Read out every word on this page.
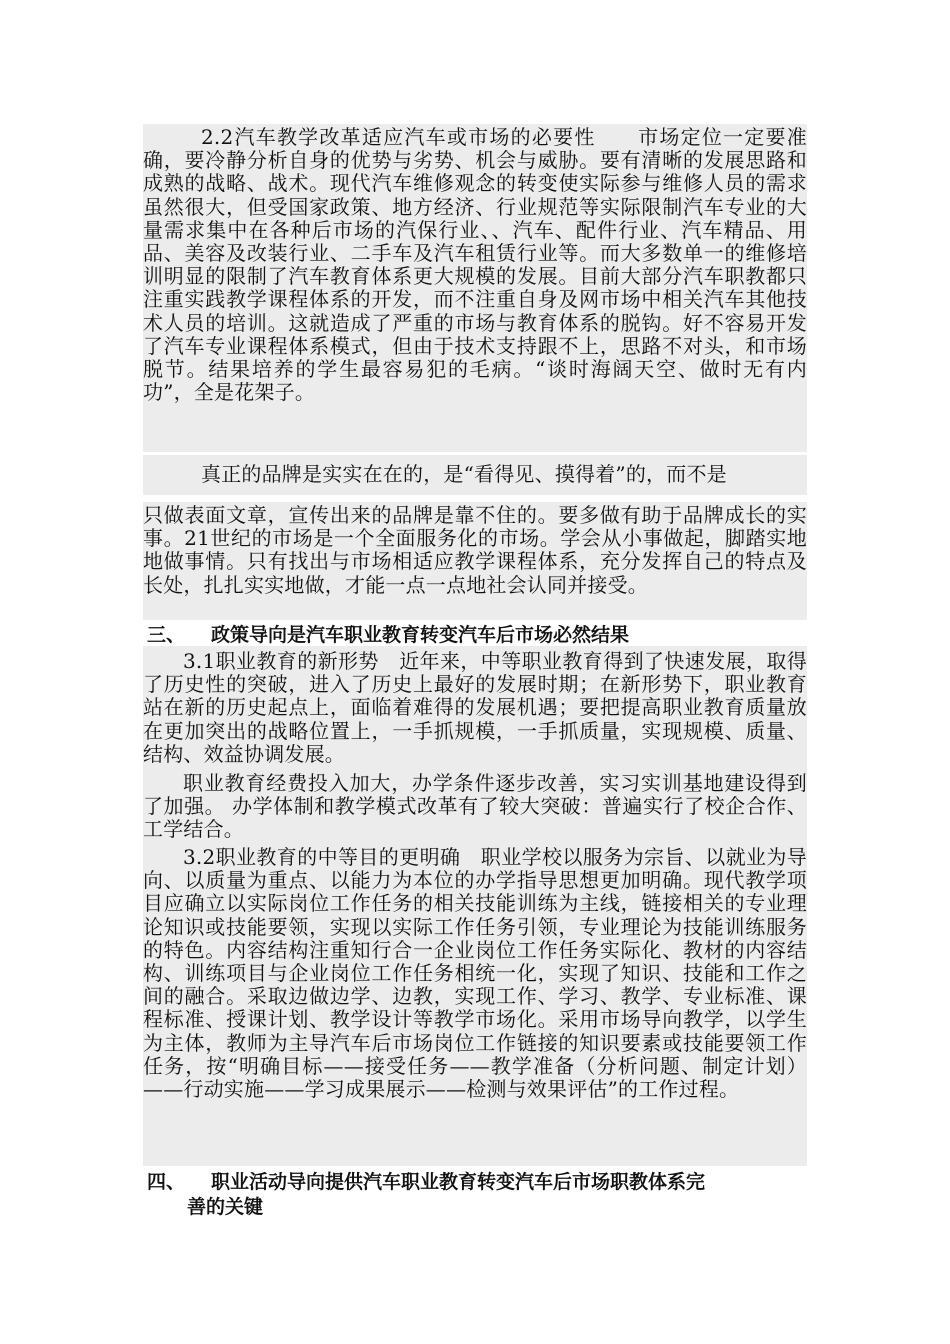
2.2汽车教学改革适应汽车或市场的必要性　　市场定位一定要准确，要冷静分析自身的优势与劣势、机会与威胁。要有清晰的发展思路和成熟的战略、战术。现代汽车维修观念的转变使实际参与维修人员的需求虽然很大，但受国家政策、地方经济、行业规范等实际限制汽车专业的大量需求集中在各种后市场的汽保行业、、汽车、配件行业、汽车精品、用品、美容及改装行业、二手车及汽车租赁行业等。而大多数单一的维修培训明显的限制了汽车教育体系更大规模的发展。目前大部分汽车职教都只注重实践教学课程体系的开发，而不注重自身及网市场中相关汽车其他技术人员的培训。这就造成了严重的市场与教育体系的脱钩。好不容易开发了汽车专业课程体系模式，但由于技术支持跟不上，思路不对头，和市场脱节。结果培养的学生最容易犯的毛病。“谈时海阔天空、做时无有内功”，全是花架子。

真正的品牌是实实在在的，是“看得见、摸得着”的，而不是

只做表面文章，宣传出来的品牌是靠不住的。要多做有助于品牌成长的实事。21世纪的市场是一个全面服务化的市场。学会从小事做起，脚踏实地地做事情。只有找出与市场相适应教学课程体系，充分发挥自己的特点及长处，扎扎实实地做，才能一点一点地社会认同并接受。

三、 政策导向是汽车职业教育转变汽车后市场必然结果

3.1职业教育的新形势　近年来，中等职业教育得到了快速发展，取得了历史性的突破，进入了历史上最好的发展时期；在新形势下，职业教育站在新的历史起点上，面临着难得的发展机遇；要把提高职业教育质量放在更加突出的战略位置上，一手抓规模，一手抓质量，实现规模、质量、结构、效益协调发展。

职业教育经费投入加大，办学条件逐步改善，实习实训基地建设得到了加强。 办学体制和教学模式改革有了较大突破：普遍实行了校企合作、工学结合。

3.2职业教育的中等目的更明确　职业学校以服务为宗旨、以就业为导向、以质量为重点、以能力为本位的办学指导思想更加明确。现代教学项目应确立以实际岗位工作任务的相关技能训练为主线，链接相关的专业理论知识或技能要领，实现以实际工作任务引领，专业理论为技能训练服务的特色。内容结构注重知行合一企业岗位工作任务实际化、教材的内容结构、训练项目与企业岗位工作任务相统一化，实现了知识、技能和工作之间的融合。采取边做边学、边教，实现工作、学习、教学、专业标准、课程标准、授课计划、教学设计等教学市场化。采用市场导向教学，以学生为主体，教师为主导汽车后市场岗位工作链接的知识要素或技能要领工作任务，按“明确目标——接受任务——教学准备（分析问题、制定计划）——行动实施——学习成果展示——检测与效果评估”的工作过程。

四、 职业活动导向提供汽车职业教育转变汽车后市场职教体系完
善的关键
